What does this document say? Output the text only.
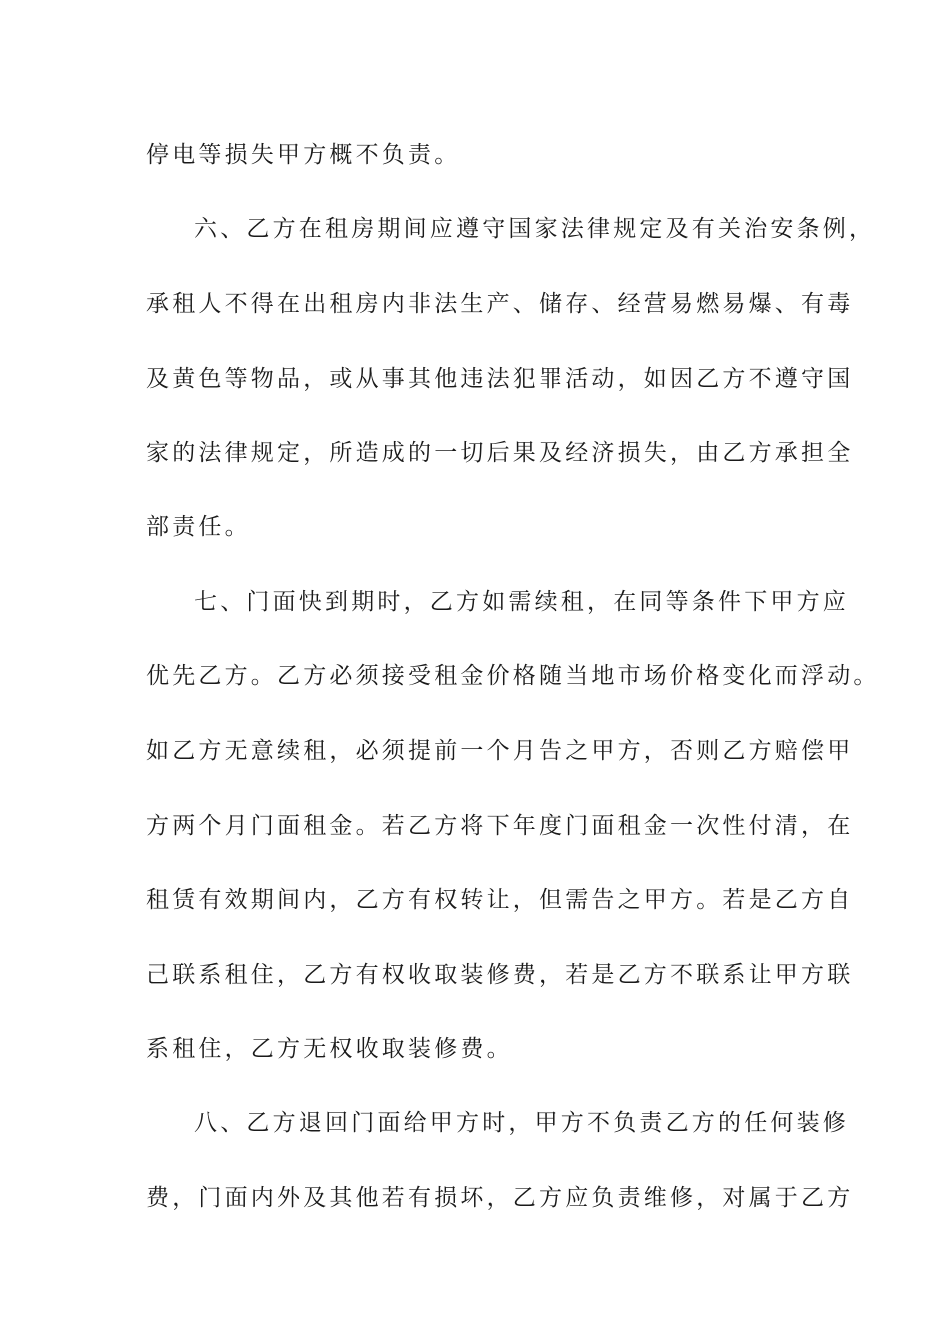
停电等损失甲方概不负责。
六、乙方在租房期间应遵守国家法律规定及有关治安条例，
承租人不得在出租房内非法生产、储存、经营易燃易爆、有毒
及黄色等物品，或从事其他违法犯罪活动，如因乙方不遵守国
家的法律规定，所造成的一切后果及经济损失，由乙方承担全
部责任。
七、门面快到期时，乙方如需续租，在同等条件下甲方应
优先乙方。乙方必须接受租金价格随当地市场价格变化而浮动。
如乙方无意续租，必须提前一个月告之甲方，否则乙方赔偿甲
方两个月门面租金。若乙方将下年度门面租金一次性付清，在
租赁有效期间内，乙方有权转让，但需告之甲方。若是乙方自
己联系租住，乙方有权收取装修费，若是乙方不联系让甲方联
系租住，乙方无权收取装修费。
八、乙方退回门面给甲方时，甲方不负责乙方的任何装修
费，门面内外及其他若有损坏，乙方应负责维修，对属于乙方
